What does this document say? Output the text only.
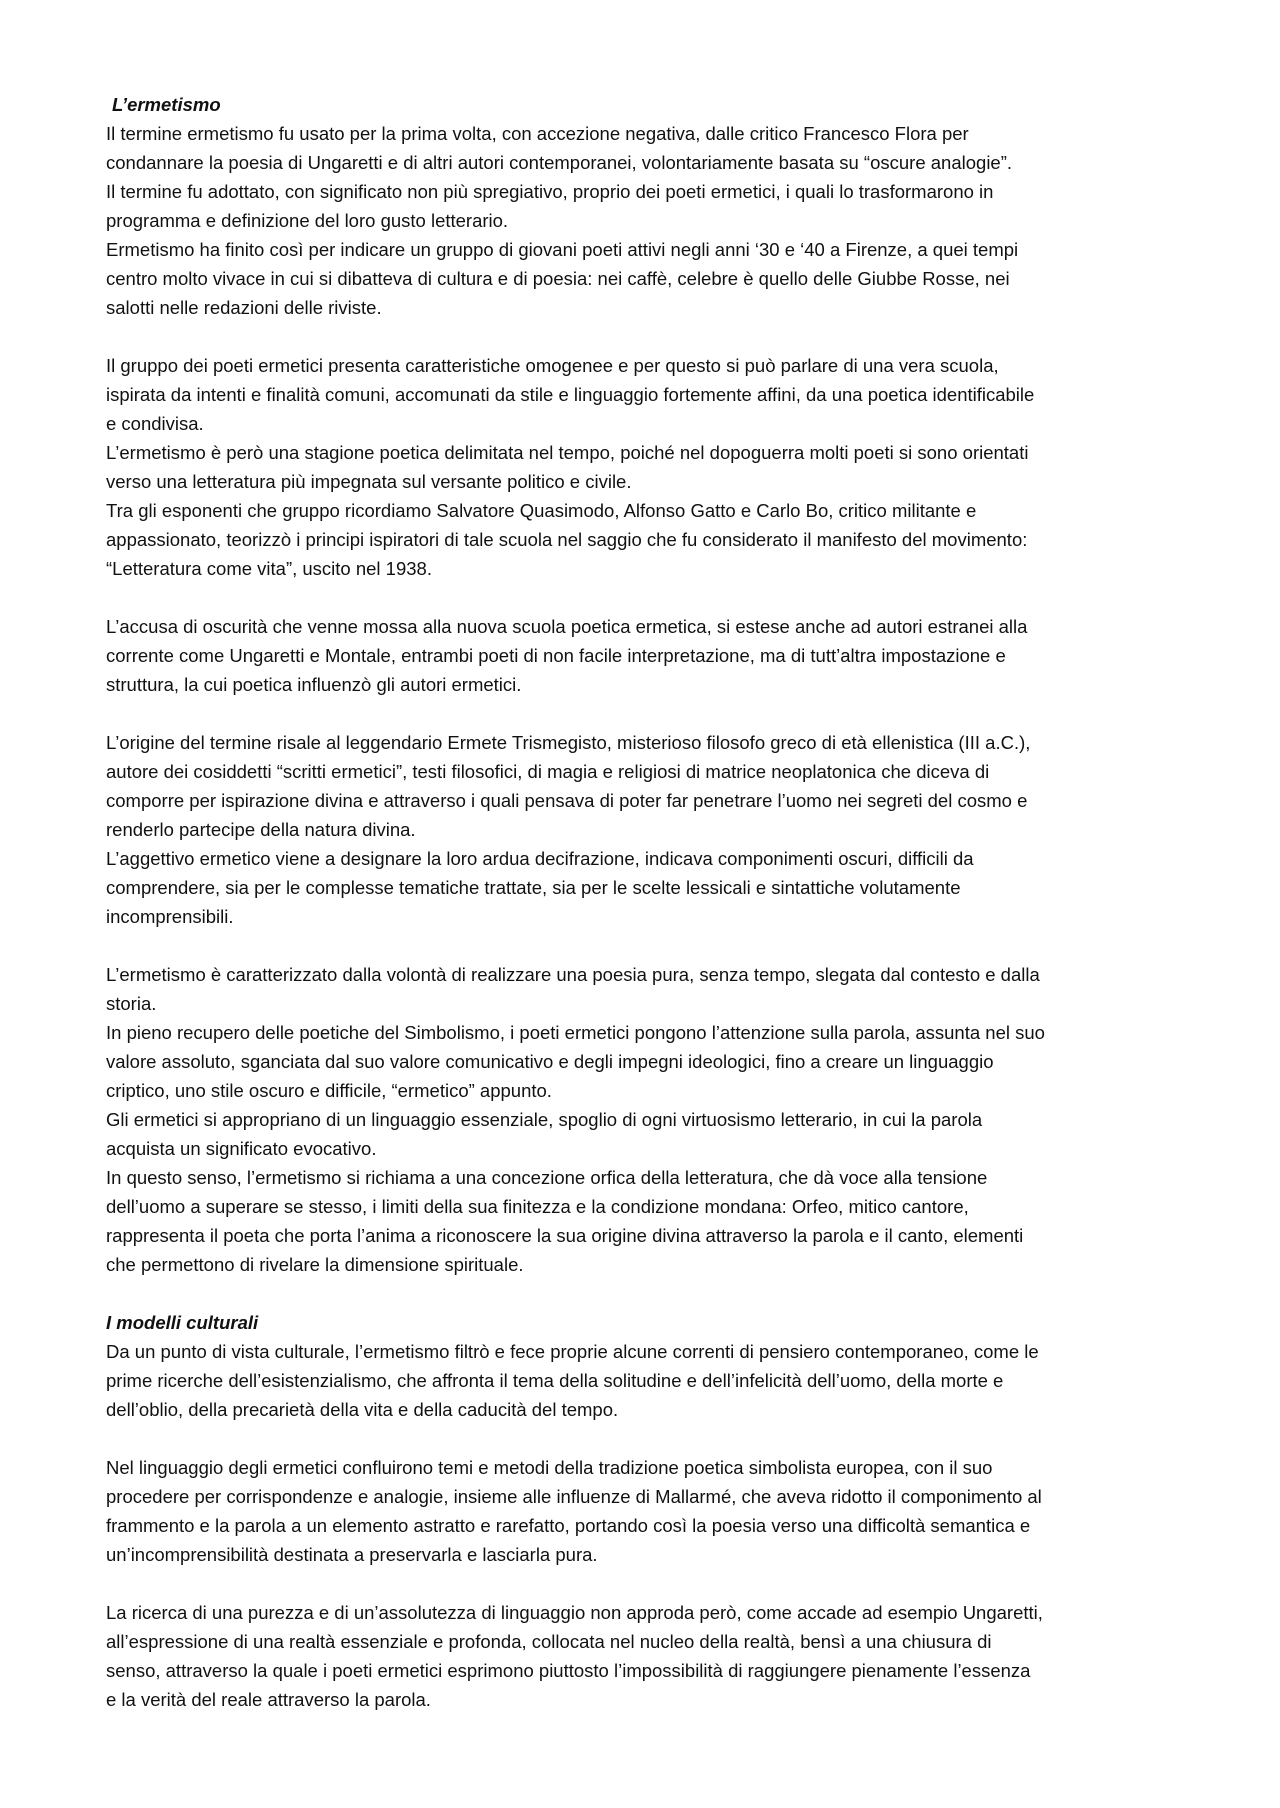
L’ermetismo

Il termine ermetismo fu usato per la prima volta, con accezione negativa, dalle critico Francesco Flora per
condannare la poesia di Ungaretti e di altri autori contemporanei, volontariamente basata su “oscure analogie”.
Il termine fu adottato, con significato non più spregiativo, proprio dei poeti ermetici, i quali lo trasformarono in
programma e definizione del loro gusto letterario.
Ermetismo ha finito così per indicare un gruppo di giovani poeti attivi negli anni ‘30 e ‘40 a Firenze, a quei tempi
centro molto vivace in cui si dibatteva di cultura e di poesia: nei caffè, celebre è quello delle Giubbe Rosse, nei
salotti nelle redazioni delle riviste.

Il gruppo dei poeti ermetici presenta caratteristiche omogenee e per questo si può parlare di una vera scuola,
ispirata da intenti e finalità comuni, accomunati da stile e linguaggio fortemente affini, da una poetica identificabile
e condivisa.
L’ermetismo è però una stagione poetica delimitata nel tempo, poiché nel dopoguerra molti poeti si sono orientati
verso una letteratura più impegnata sul versante politico e civile.
Tra gli esponenti che gruppo ricordiamo Salvatore Quasimodo, Alfonso Gatto e Carlo Bo, critico militante e
appassionato, teorizzò i principi ispiratori di tale scuola nel saggio che fu considerato il manifesto del movimento:
“Letteratura come vita”, uscito nel 1938.

L’accusa di oscurità che venne mossa alla nuova scuola poetica ermetica, si estese anche ad autori estranei alla
corrente come Ungaretti e Montale, entrambi poeti di non facile interpretazione, ma di tutt’altra impostazione e
struttura, la cui poetica influenzò gli autori ermetici.

L’origine del termine risale al leggendario Ermete Trismegisto, misterioso filosofo greco di età ellenistica (III a.C.),
autore dei cosiddetti “scritti ermetici”, testi filosofici, di magia e religiosi di matrice neoplatonica che diceva di
comporre per ispirazione divina e attraverso i quali pensava di poter far penetrare l’uomo nei segreti del cosmo e
renderlo partecipe della natura divina.
L’aggettivo ermetico viene a designare la loro ardua decifrazione, indicava componimenti oscuri, difficili da
comprendere, sia per le complesse tematiche trattate, sia per le scelte lessicali e sintattiche volutamente
incomprensibili.

L’ermetismo è caratterizzato dalla volontà di realizzare una poesia pura, senza tempo, slegata dal contesto e dalla
storia.
In pieno recupero delle poetiche del Simbolismo, i poeti ermetici pongono l’attenzione sulla parola, assunta nel suo
valore assoluto, sganciata dal suo valore comunicativo e degli impegni ideologici, fino a creare un linguaggio
criptico, uno stile oscuro e difficile, “ermetico” appunto.
Gli ermetici si appropriano di un linguaggio essenziale, spoglio di ogni virtuosismo letterario, in cui la parola
acquista un significato evocativo.
In questo senso, l’ermetismo si richiama a una concezione orfica della letteratura, che dà voce alla tensione
dell’uomo a superare se stesso, i limiti della sua finitezza e la condizione mondana: Orfeo, mitico cantore,
rappresenta il poeta che porta l’anima a riconoscere la sua origine divina attraverso la parola e il canto, elementi
che permettono di rivelare la dimensione spirituale.

I modelli culturali

Da un punto di vista culturale, l’ermetismo filtrò e fece proprie alcune correnti di pensiero contemporaneo, come le
prime ricerche dell’esistenzialismo, che affronta il tema della solitudine e dell’infelicità dell’uomo, della morte e
dell’oblio, della precarietà della vita e della caducità del tempo.

Nel linguaggio degli ermetici confluirono temi e metodi della tradizione poetica simbolista europea, con il suo
procedere per corrispondenze e analogie, insieme alle influenze di Mallarmé, che aveva ridotto il componimento al
frammento e la parola a un elemento astratto e rarefatto, portando così la poesia verso una difficoltà semantica e
un’incomprensibilità destinata a preservarla e lasciarla pura.

La ricerca di una purezza e di un’assolutezza di linguaggio non approda però, come accade ad esempio Ungaretti,
all’espressione di una realtà essenziale e profonda, collocata nel nucleo della realtà, bensì a una chiusura di
senso, attraverso la quale i poeti ermetici esprimono piuttosto l’impossibilità di raggiungere pienamente l’essenza
e la verità del reale attraverso la parola.
